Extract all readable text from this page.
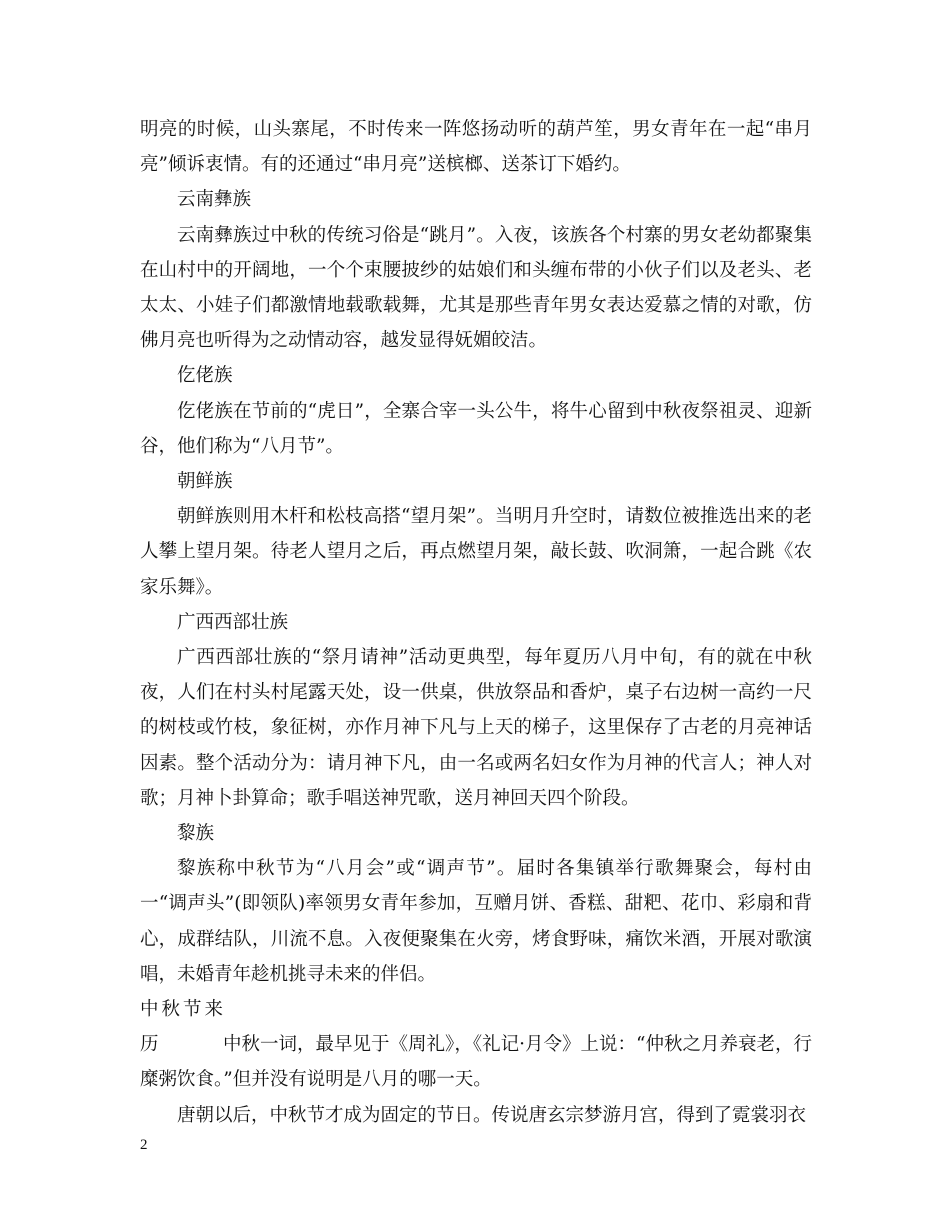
明亮的时候，山头寨尾，不时传来一阵悠扬动听的葫芦笙，男女青年在一起“串月亮”倾诉衷情。有的还通过“串月亮”送槟榔、送茶订下婚约。

云南彝族

云南彝族过中秋的传统习俗是“跳月”。入夜，该族各个村寨的男女老幼都聚集在山村中的开阔地，一个个束腰披纱的姑娘们和头缠布带的小伙子们以及老头、老太太、小娃子们都激情地载歌载舞，尤其是那些青年男女表达爱慕之情的对歌，仿佛月亮也听得为之动情动容，越发显得妩媚皎洁。

仡佬族

仡佬族在节前的“虎日”，全寨合宰一头公牛，将牛心留到中秋夜祭祖灵、迎新谷，他们称为“八月节”。

朝鲜族

朝鲜族则用木杆和松枝高搭“望月架”。当明月升空时，请数位被推选出来的老人攀上望月架。待老人望月之后，再点燃望月架，敲长鼓、吹洞箫，一起合跳《农家乐舞》。

广西西部壮族

广西西部壮族的“祭月请神”活动更典型，每年夏历八月中旬，有的就在中秋夜，人们在村头村尾露天处，设一供桌，供放祭品和香炉，桌子右边树一高约一尺的树枝或竹枝，象征树，亦作月神下凡与上天的梯子，这里保存了古老的月亮神话因素。整个活动分为：请月神下凡，由一名或两名妇女作为月神的代言人；神人对歌；月神卜卦算命；歌手唱送神咒歌，送月神回天四个阶段。

黎族

黎族称中秋节为“八月会”或“调声节”。届时各集镇举行歌舞聚会，每村由一“调声头”(即领队)率领男女青年参加，互赠月饼、香糕、甜粑、花巾、彩扇和背心，成群结队，川流不息。入夜便聚集在火旁，烤食野味，痛饮米酒，开展对歌演唱，未婚青年趁机挑寻未来的伴侣。

中秋节来历	中秋一词，最早见于《周礼》，《礼记·月令》上说：“仲秋之月养衰老，行糜粥饮食。”但并没有说明是八月的哪一天。

唐朝以后，中秋节才成为固定的节日。传说唐玄宗梦游月宫，得到了霓裳羽衣

2
